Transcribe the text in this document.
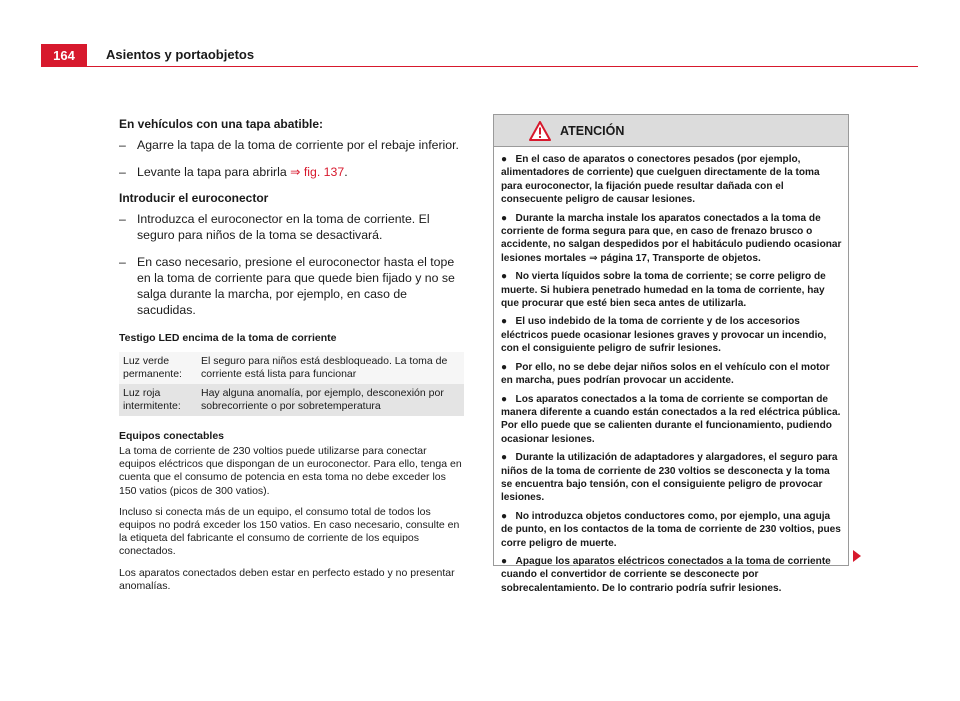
164	Asientos y portaobjetos

En vehículos con una tapa abatible:

– Agarre la tapa de la toma de corriente por el rebaje inferior.
– Levante la tapa para abrirla ⇒ fig. 137.

Introducir el euroconector

– Introduzca el euroconector en la toma de corriente. El seguro para niños de la toma se desactivará.
– En caso necesario, presione el euroconector hasta el tope en la toma de corriente para que quede bien fijado y no se salga durante la marcha, por ejemplo, en caso de sacudidas.

Testigo LED encima de la toma de corriente

Luz verde permanente:	El seguro para niños está desbloqueado. La toma de corriente está lista para funcionar
Luz roja intermitente:	Hay alguna anomalía, por ejemplo, desconexión por sobrecorriente o por sobretemperatura

Equipos conectables

La toma de corriente de 230 voltios puede utilizarse para conectar equipos eléctricos que dispongan de un euroconector. Para ello, tenga en cuenta que el consumo de potencia en esta toma no debe exceder los 150 vatios (picos de 300 vatios).

Incluso si conecta más de un equipo, el consumo total de todos los equipos no podrá exceder los 150 vatios. En caso necesario, consulte en la etiqueta del fabricante el consumo de corriente de los equipos conectados.

Los aparatos conectados deben estar en perfecto estado y no presentar anomalías.

ATENCIÓN

● En el caso de aparatos o conectores pesados (por ejemplo, alimentadores de corriente) que cuelguen directamente de la toma para euroconector, la fijación puede resultar dañada con el consecuente peligro de causar lesiones.

● Durante la marcha instale los aparatos conectados a la toma de corriente de forma segura para que, en caso de frenazo brusco o accidente, no salgan despedidos por el habitáculo pudiendo ocasionar lesiones mortales ⇒ página 17, Transporte de objetos.

● No vierta líquidos sobre la toma de corriente; se corre peligro de muerte. Si hubiera penetrado humedad en la toma de corriente, hay que procurar que esté bien seca antes de utilizarla.

● El uso indebido de la toma de corriente y de los accesorios eléctricos puede ocasionar lesiones graves y provocar un incendio, con el consiguiente peligro de sufrir lesiones.

● Por ello, no se debe dejar niños solos en el vehículo con el motor en marcha, pues podrían provocar un accidente.

● Los aparatos conectados a la toma de corriente se comportan de manera diferente a cuando están conectados a la red eléctrica pública. Por ello puede que se calienten durante el funcionamiento, pudiendo ocasionar lesiones.

● Durante la utilización de adaptadores y alargadores, el seguro para niños de la toma de corriente de 230 voltios se desconecta y la toma se encuentra bajo tensión, con el consiguiente peligro de provocar lesiones.

● No introduzca objetos conductores como, por ejemplo, una aguja de punto, en los contactos de la toma de corriente de 230 voltios, pues corre peligro de muerte.

● Apague los aparatos eléctricos conectados a la toma de corriente cuando el convertidor de corriente se desconecte por sobrecalentamiento. De lo contrario podría sufrir lesiones.
